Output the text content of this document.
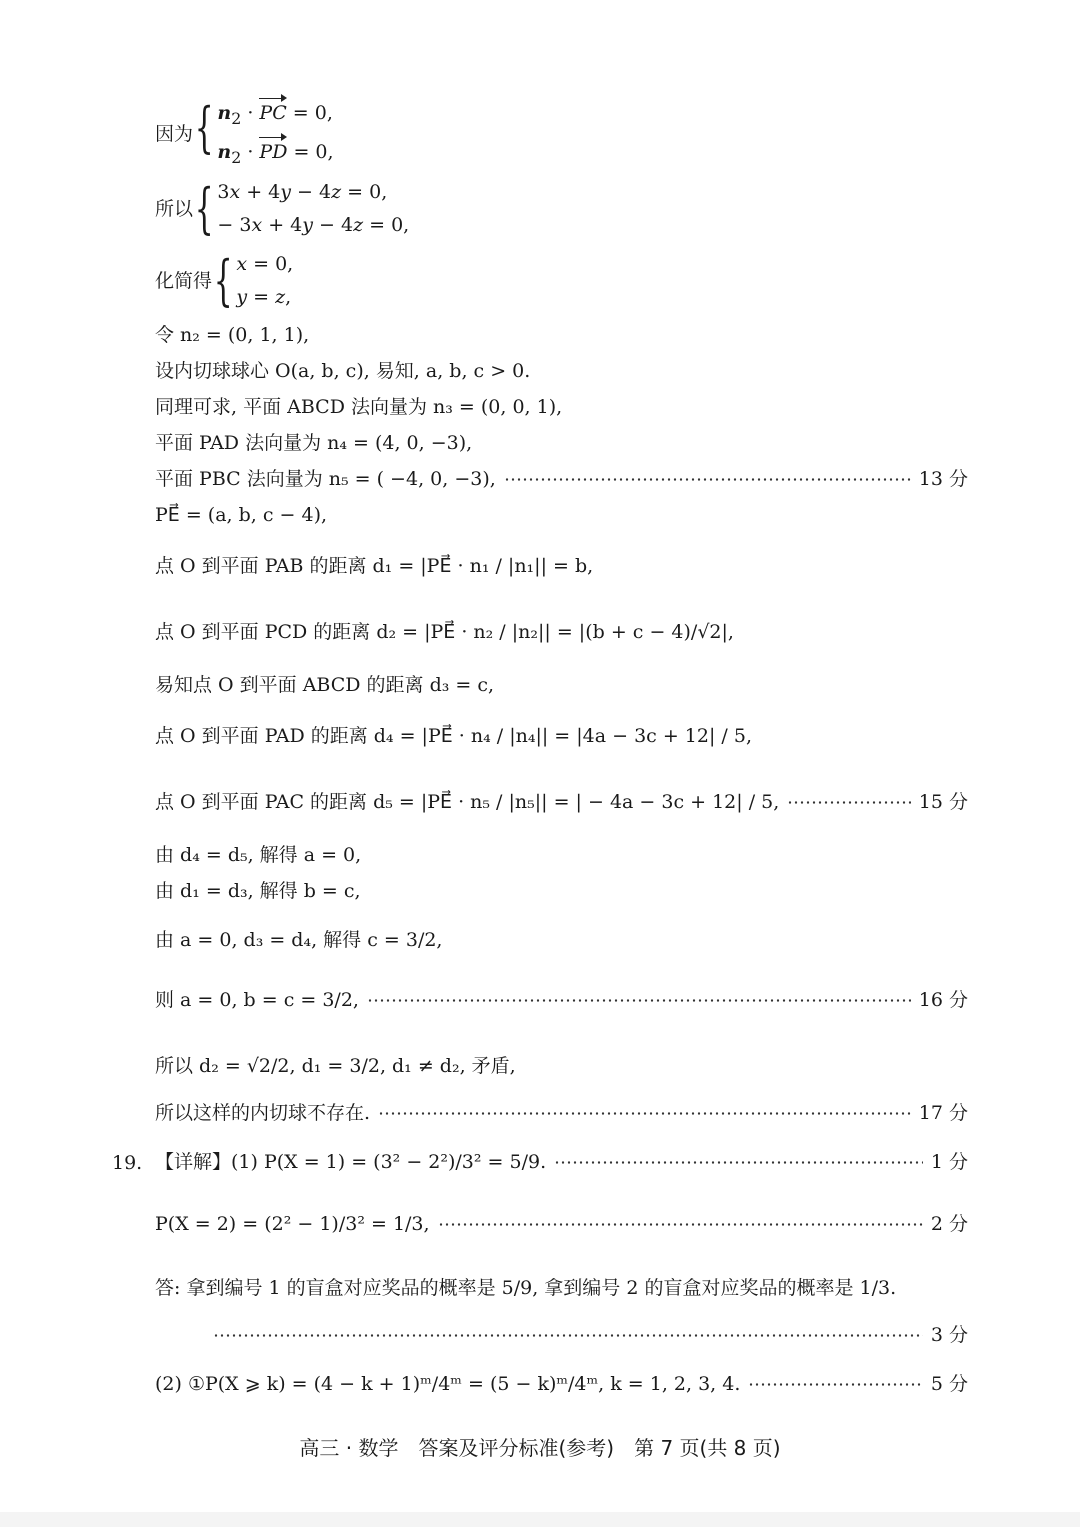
因为 { $n_2$ · PC = 0,
$n_2$ · PD = 0,
所以 { 3x + 4y − 4z = 0,
− 3x + 4y − 4z = 0,
化简得 { x = 0,
y = z,
令 n₂ = (0, 1, 1),
设内切球球心 O(a, b, c), 易知, a, b, c > 0.
同理可求, 平面 ABCD 法向量为 n₃ = (0, 0, 1),
平面 PAD 法向量为 n₄ = (4, 0, −3),
平面 PBC 法向量为 n₅ = ( −4, 0, −3),	13 分
PE⃗ = (a, b, c − 4),
点 O 到平面 PAB 的距离 d₁ = |PE⃗ · n₁ / |n₁|| = b,
点 O 到平面 PCD 的距离 d₂ = |PE⃗ · n₂ / |n₂|| = |(b + c − 4)/√2|,
易知点 O 到平面 ABCD 的距离 d₃ = c,
点 O 到平面 PAD 的距离 d₄ = |PE⃗ · n₄ / |n₄|| = |4a − 3c + 12| / 5,
点 O 到平面 PAC 的距离 d₅ = |PE⃗ · n₅ / |n₅|| = | − 4a − 3c + 12| / 5,	15 分
由 d₄ = d₅, 解得 a = 0,
由 d₁ = d₃, 解得 b = c,
由 a = 0, d₃ = d₄, 解得 c = 3/2,
则 a = 0, b = c = 3/2,	16 分
所以 d₂ = √2/2, d₁ = 3/2, d₁ ≠ d₂, 矛盾,
所以这样的内切球不存在.	17 分
19. 【详解】(1) P(X = 1) = (3² − 2²)/3² = 5/9.	1 分
P(X = 2) = (2² − 1)/3² = 1/3,	2 分
答: 拿到编号 1 的盲盒对应奖品的概率是 5/9, 拿到编号 2 的盲盒对应奖品的概率是 1/3.
3 分
(2) ①P(X ⩾ k) = (4 − k + 1)ᵐ/4ᵐ = (5 − k)ᵐ/4ᵐ, k = 1, 2, 3, 4.	5 分
高三 · 数学　答案及评分标准(参考)　第 7 页(共 8 页)
